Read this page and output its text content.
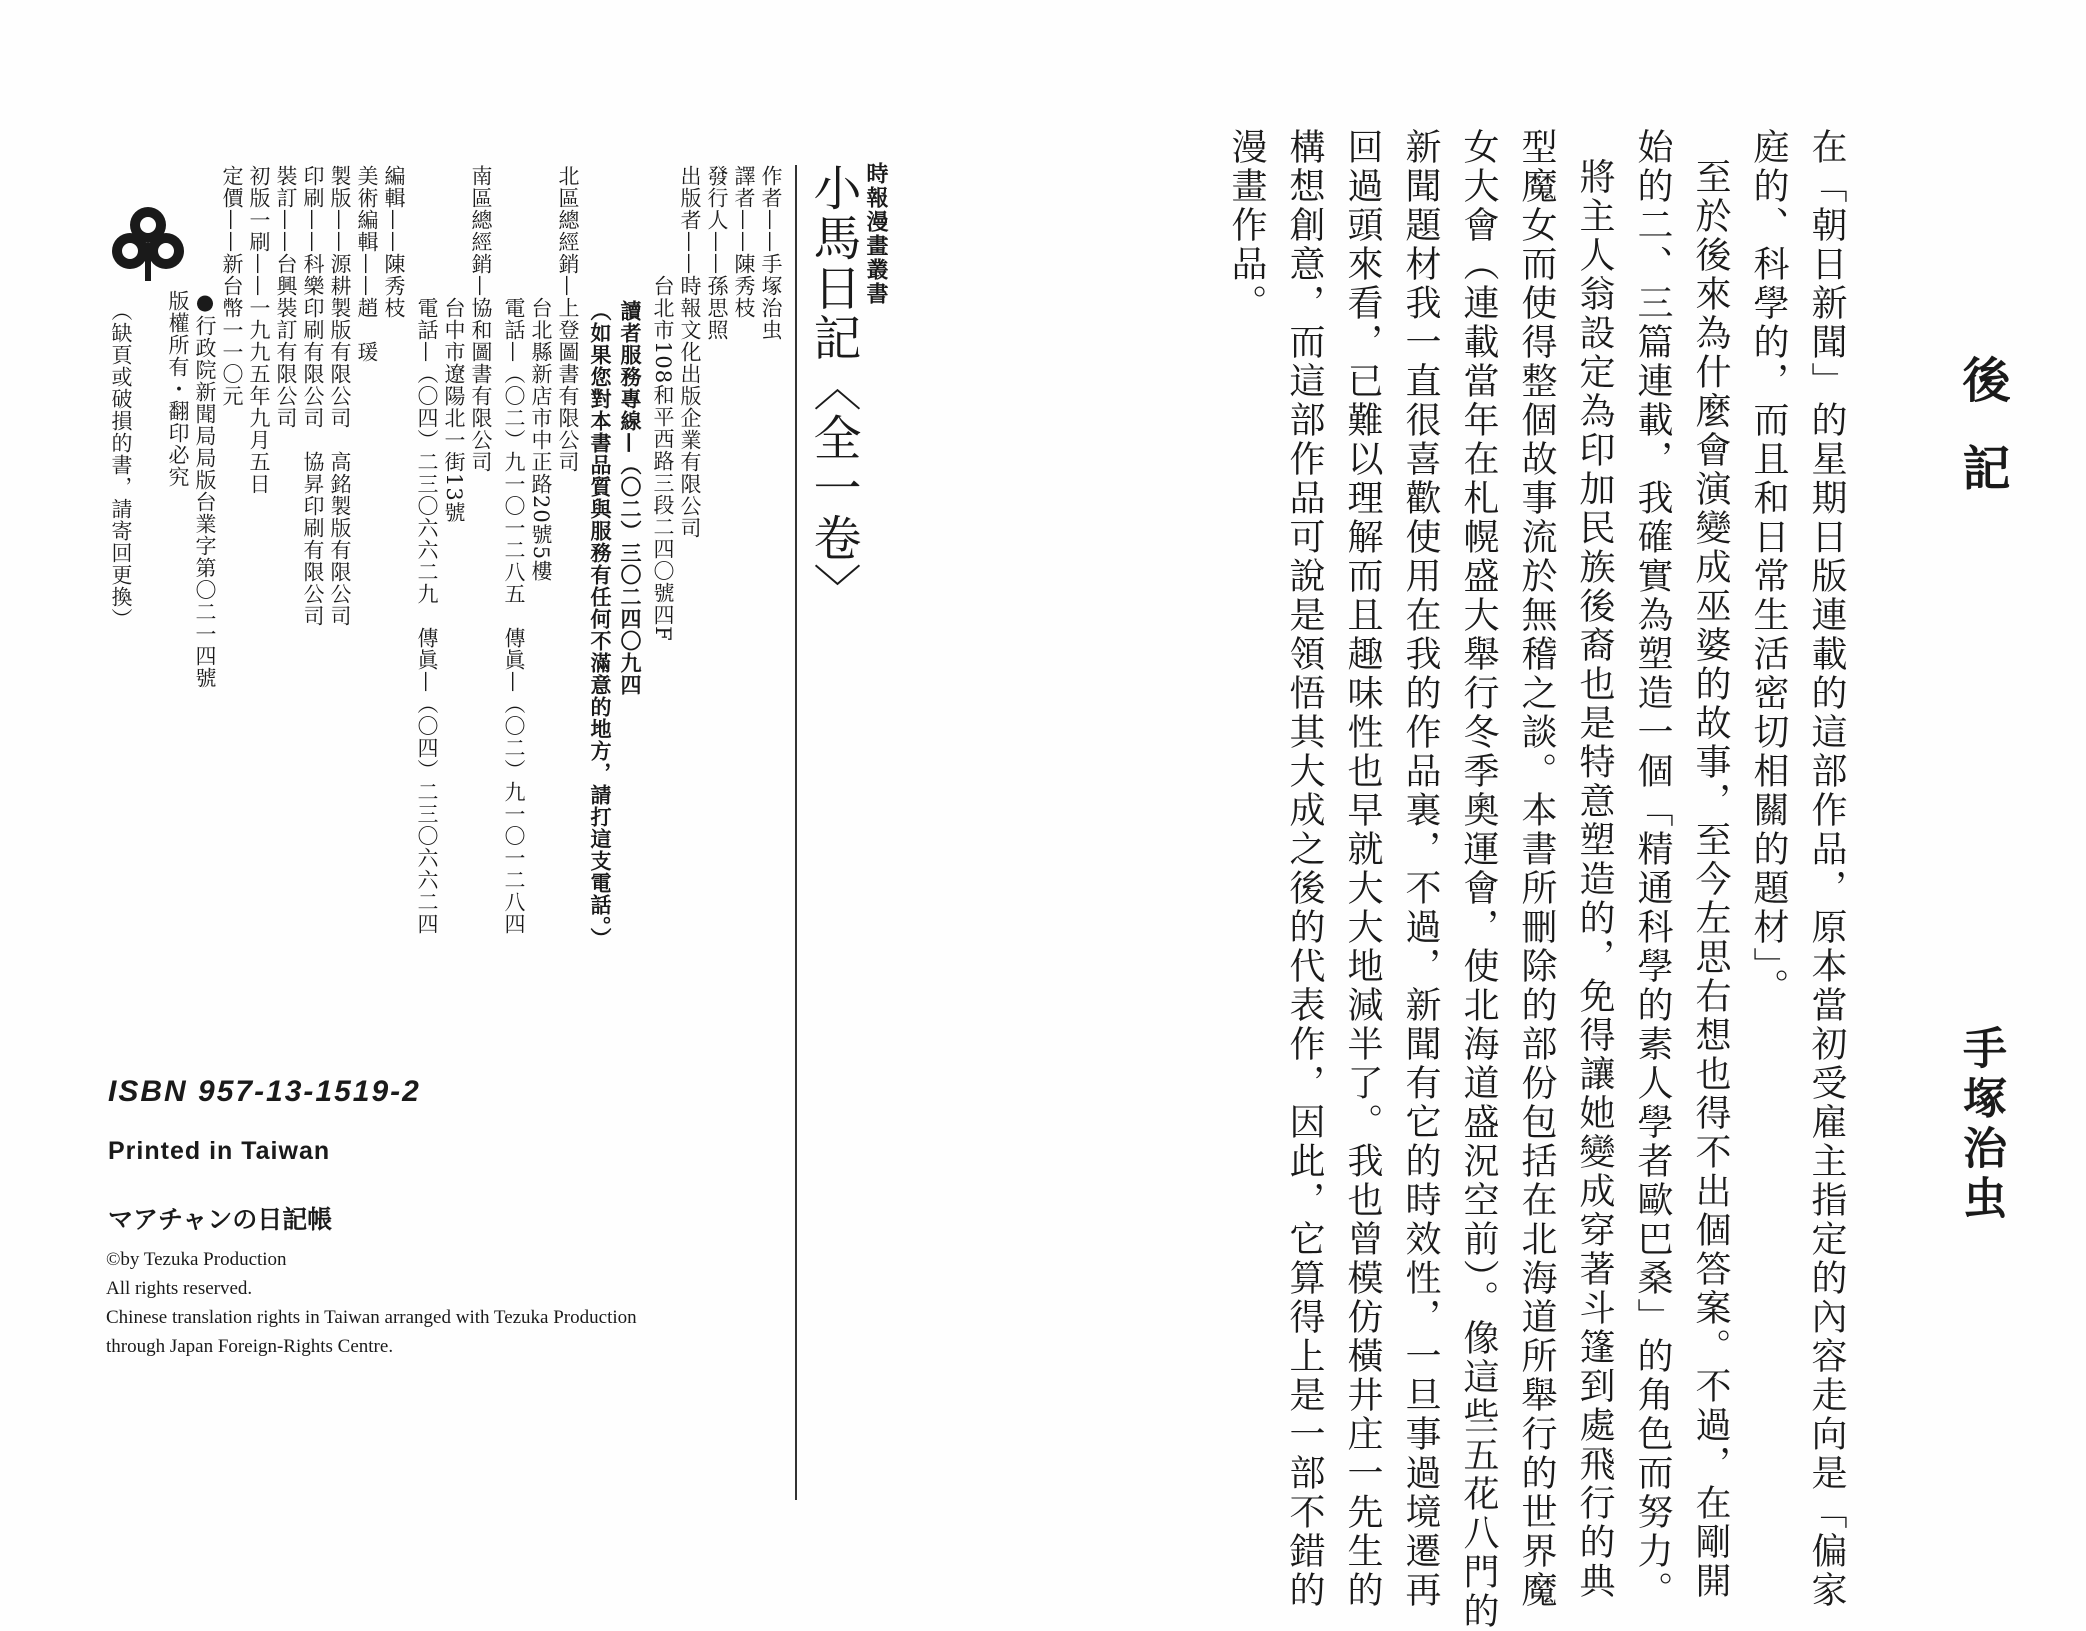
後記
手塚治虫
在「朝日新聞」的星期日版連載的這部作品，原本當初受雇主指定的內容走向是「偏家
庭的、科學的，而且和日常生活密切相關的題材」。
至於後來為什麼會演變成巫婆的故事，至今左思右想也得不出個答案。不過，在剛開
始的二、三篇連載，我確實為塑造一個「精通科學的素人學者歐巴桑」的角色而努力。
將主人翁設定為印加民族後裔也是特意塑造的，免得讓她變成穿著斗篷到處飛行的典
型魔女而使得整個故事流於無稽之談。本書所刪除的部份包括在北海道所舉行的世界魔
女大會（連載當年在札幌盛大舉行冬季奧運會，使北海道盛況空前）。像這些五花八門的
新聞題材我一直很喜歡使用在我的作品裏，不過，新聞有它的時效性，一旦事過境遷再
回過頭來看，已難以理解而且趣味性也早就大大地減半了。我也曾模仿橫井庄一先生的
構想創意，而這部作品可說是領悟其大成之後的代表作，因此，它算得上是一部不錯的
漫畫作品。
時報漫畫叢書
小馬日記〈全一卷〉
作者——手塚治虫
譯者——陳秀枝
發行人——孫思照
出版者——時報文化出版企業有限公司
　　　　　台北市108和平西路三段二四〇號四F
讀者服務專線—（〇二）三〇二四〇九四
（如果您對本書品質與服務有任何不滿意的地方，請打這支電話。）
北區總經銷—上登圖書有限公司
　　　　　　台北縣新店市中正路20號5樓
　　　　　　電話—（〇二）九一〇一二八五　傳眞—（〇二）九一〇一二八四
南區總經銷—協和圖書有限公司
　　　　　　台中市遼陽北一街13號
　　　　　　電話—（〇四）二三〇六六二九　傳眞—（〇四）二三〇六六二四
編輯——陳秀枝
美術編輯——趙　瑗
製版——源耕製版有限公司　高銘製版有限公司
印刷——科樂印刷有限公司　協昇印刷有限公司
裝訂——台興裝訂有限公司
初版一刷——一九九五年九月五日
定價——新台幣一一〇元
●行政院新聞局局版台業字第〇二一四號
版權所有・翻印必究
（缺頁或破損的書，請寄回更換）
ISBN 957-13-1519-2
Printed in Taiwan
マアチャンの日記帳
©by Tezuka Production
All rights reserved.
Chinese translation rights in Taiwan arranged with Tezuka Production
through Japan Foreign-Rights Centre.
